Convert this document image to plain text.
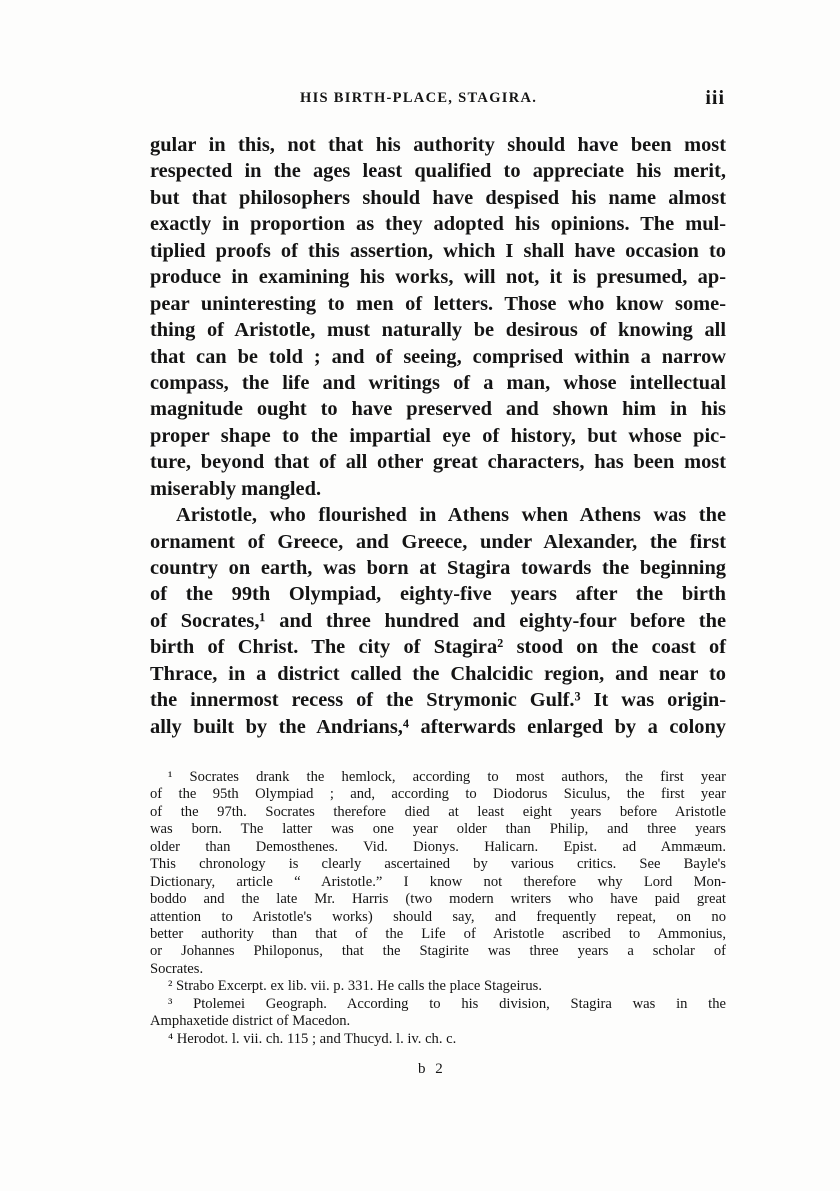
HIS BIRTH-PLACE, STAGIRA.	iii
gular in this, not that his authority should have been most
respected in the ages least qualified to appreciate his merit,
but that philosophers should have despised his name almost
exactly in proportion as they adopted his opinions. The mul-
tiplied proofs of this assertion, which I shall have occasion to
produce in examining his works, will not, it is presumed, ap-
pear uninteresting to men of letters. Those who know some-
thing of Aristotle, must naturally be desirous of knowing all
that can be told ; and of seeing, comprised within a narrow
compass, the life and writings of a man, whose intellectual
magnitude ought to have preserved and shown him in his
proper shape to the impartial eye of history, but whose pic-
ture, beyond that of all other great characters, has been most
miserably mangled.
Aristotle, who flourished in Athens when Athens was the
ornament of Greece, and Greece, under Alexander, the first
country on earth, was born at Stagira towards the beginning
of the 99th Olympiad, eighty-five years after the birth
of Socrates,¹ and three hundred and eighty-four before the
birth of Christ. The city of Stagira² stood on the coast of
Thrace, in a district called the Chalcidic region, and near to
the innermost recess of the Strymonic Gulf.³ It was origin-
ally built by the Andrians,⁴ afterwards enlarged by a colony
¹ Socrates drank the hemlock, according to most authors, the first year
of the 95th Olympiad ; and, according to Diodorus Siculus, the first year
of the 97th. Socrates therefore died at least eight years before Aristotle
was born. The latter was one year older than Philip, and three years
older than Demosthenes. Vid. Dionys. Halicarn. Epist. ad Ammæum.
This chronology is clearly ascertained by various critics. See Bayle's
Dictionary, article “ Aristotle.” I know not therefore why Lord Mon-
boddo and the late Mr. Harris (two modern writers who have paid great
attention to Aristotle's works) should say, and frequently repeat, on no
better authority than that of the Life of Aristotle ascribed to Ammonius,
or Johannes Philoponus, that the Stagirite was three years a scholar of
Socrates.
² Strabo Excerpt. ex lib. vii. p. 331. He calls the place Stageirus.
³ Ptolemei Geograph. According to his division, Stagira was in the
Amphaxetide district of Macedon.
⁴ Herodot. l. vii. ch. 115 ; and Thucyd. l. iv. ch. c.
b 2
